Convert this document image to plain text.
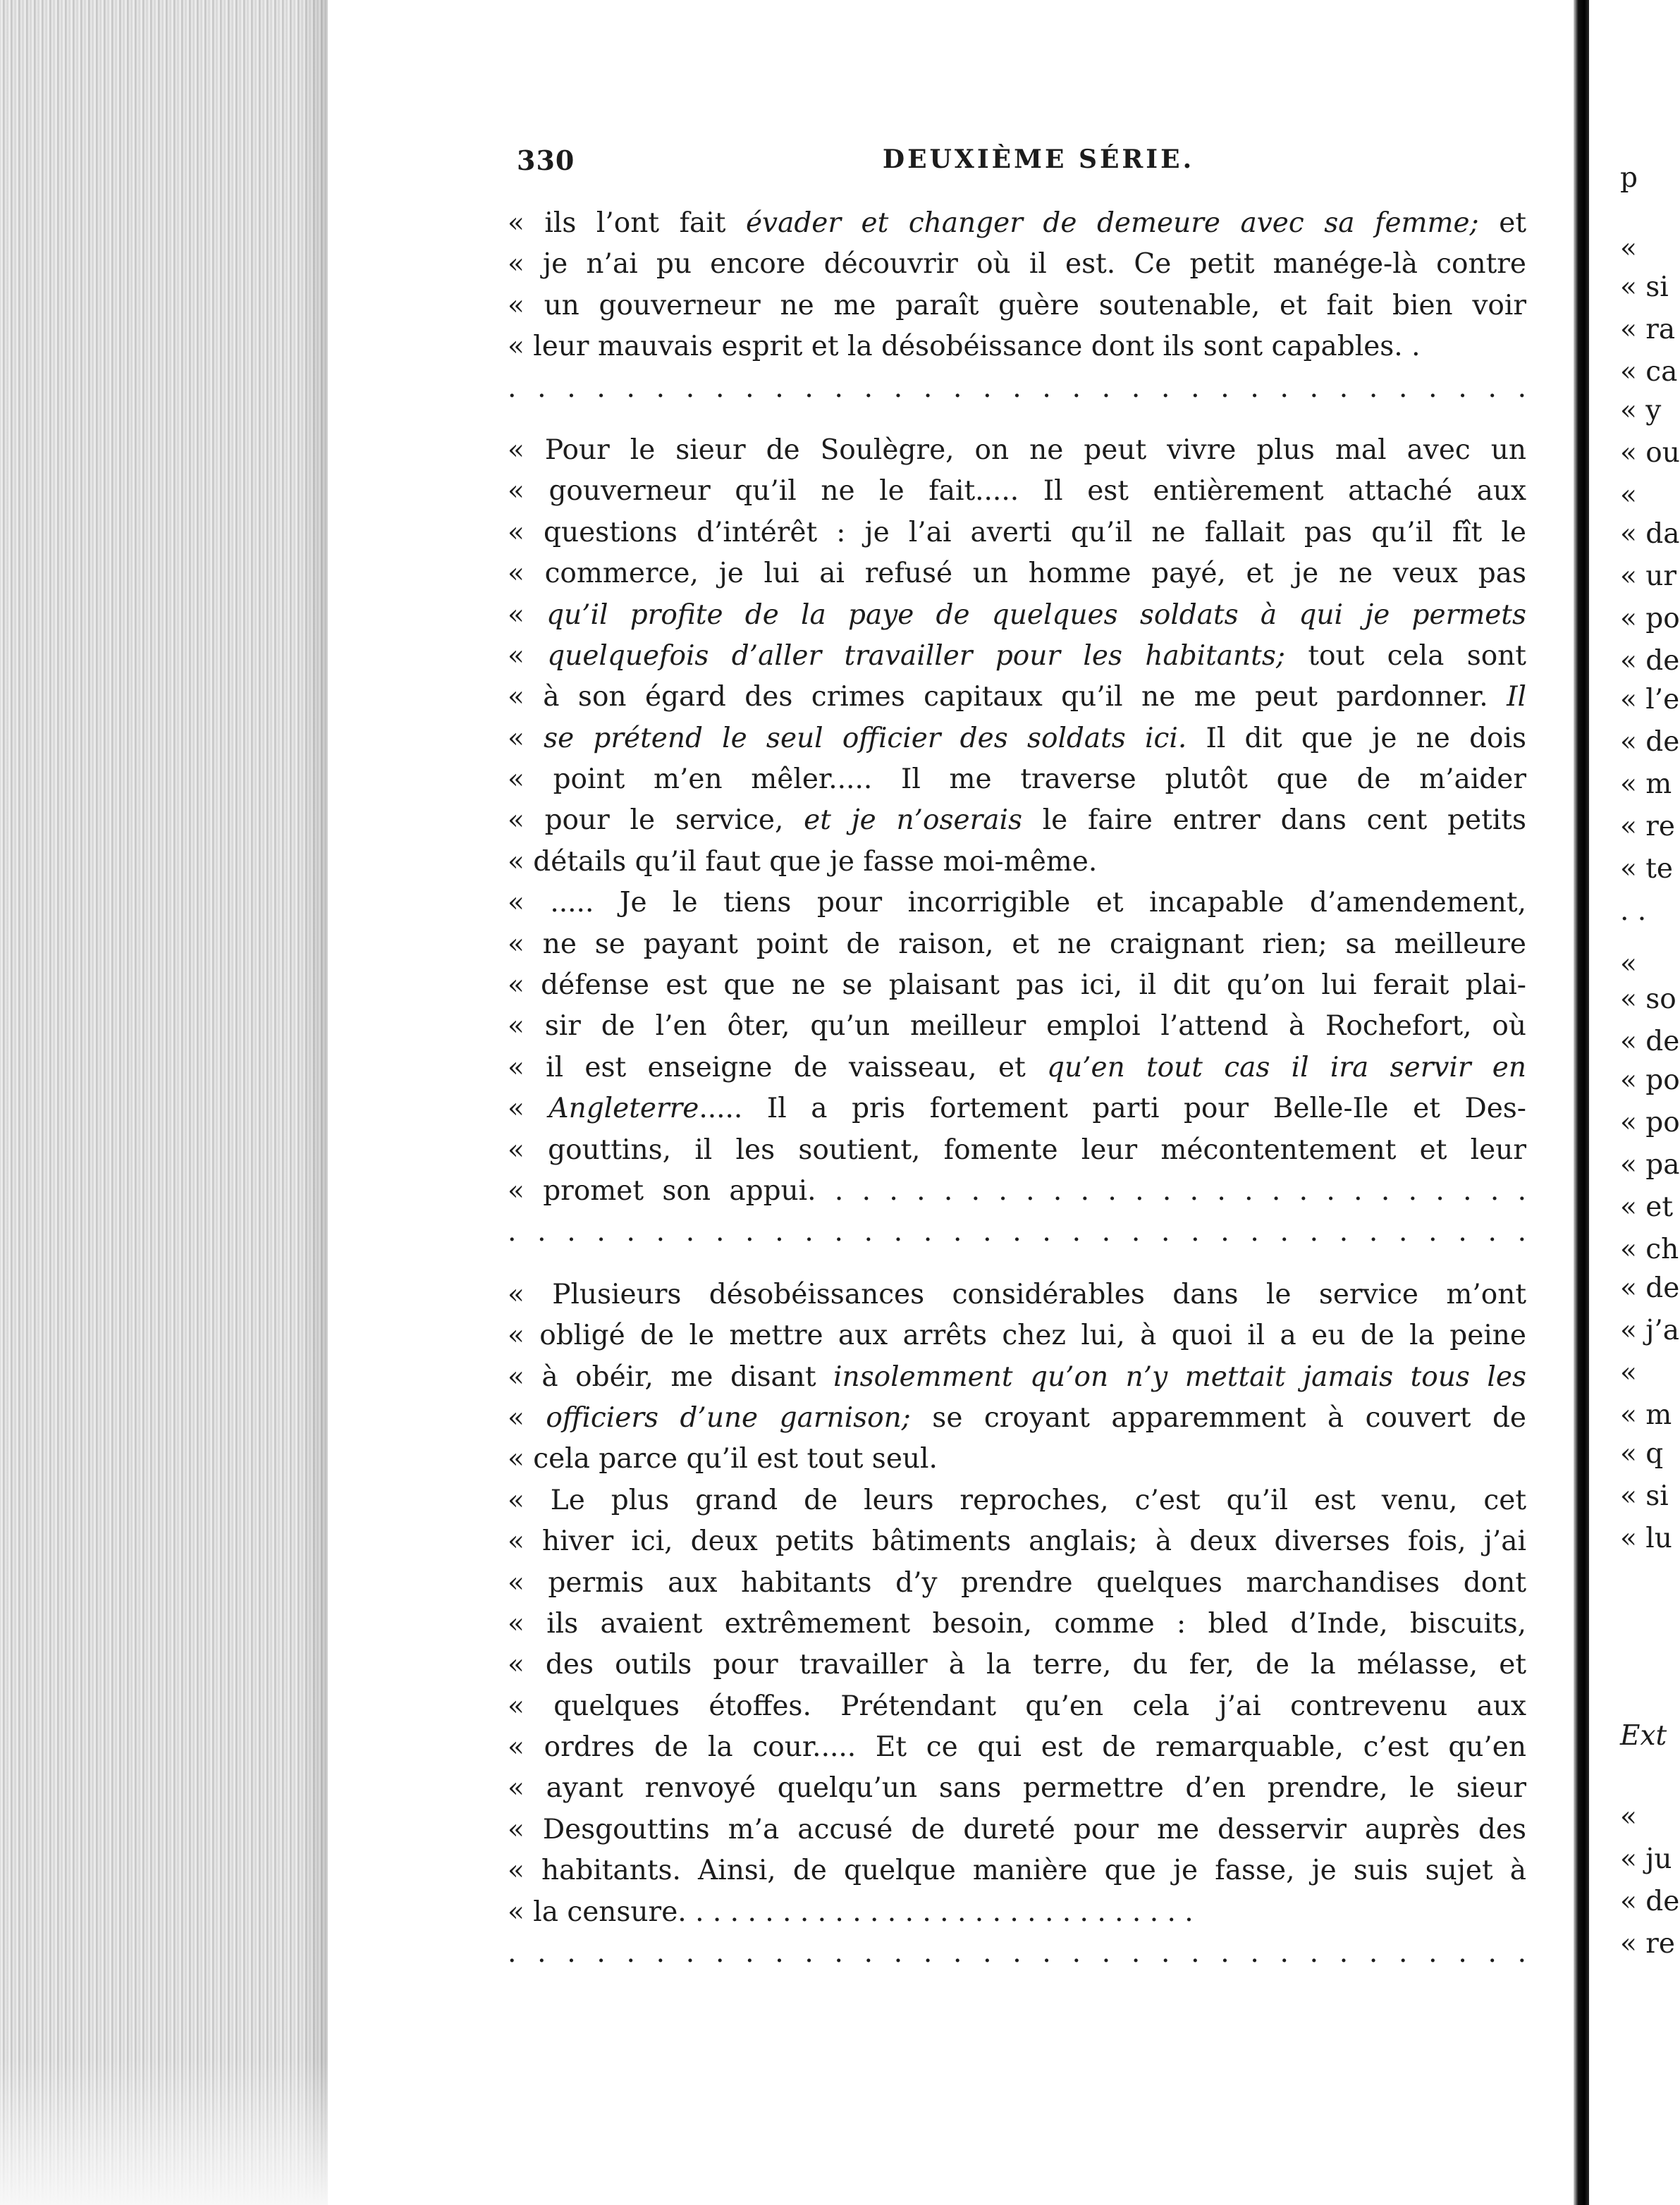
330	DEUXIÈME SÉRIE.
« ils l’ont fait évader et changer de demeure avec sa femme; et
« je n’ai pu encore découvrir où il est. Ce petit manége-là contre
« un gouverneur ne me paraît guère soutenable, et fait bien voir
« leur mauvais esprit et la désobéissance dont ils sont capables. .
. . . . . . . . . . . . . . . . . . . . . . . . . . . . . . . . . . .
« Pour le sieur de Soulègre, on ne peut vivre plus mal avec un
« gouverneur qu’il ne le fait..... Il est entièrement attaché aux
« questions d’intérêt : je l’ai averti qu’il ne fallait pas qu’il fît le
« commerce, je lui ai refusé un homme payé, et je ne veux pas
« qu’il profite de la paye de quelques soldats à qui je permets
« quelquefois d’aller travailler pour les habitants; tout cela sont
« à son égard des crimes capitaux qu’il ne me peut pardonner. Il
« se prétend le seul officier des soldats ici. Il dit que je ne dois
« point m’en mêler..... Il me traverse plutôt que de m’aider
« pour le service, et je n’oserais le faire entrer dans cent petits
« détails qu’il faut que je fasse moi-même.
« ..... Je le tiens pour incorrigible et incapable d’amendement,
« ne se payant point de raison, et ne craignant rien; sa meilleure
« défense est que ne se plaisant pas ici, il dit qu’on lui ferait plai-
« sir de l’en ôter, qu’un meilleur emploi l’attend à Rochefort, où
« il est enseigne de vaisseau, et qu’en tout cas il ira servir en
« Angleterre..... Il a pris fortement parti pour Belle-Ile et Des-
« gouttins, il les soutient, fomente leur mécontentement et leur
« promet son appui. . . . . . . . . . . . . . . . . . . . . . . . . . .
. . . . . . . . . . . . . . . . . . . . . . . . . . . . . . . . . . .
« Plusieurs désobéissances considérables dans le service m’ont
« obligé de le mettre aux arrêts chez lui, à quoi il a eu de la peine
« à obéir, me disant insolemment qu’on n’y mettait jamais tous les
« officiers d’une garnison; se croyant apparemment à couvert de
« cela parce qu’il est tout seul.
« Le plus grand de leurs reproches, c’est qu’il est venu, cet
« hiver ici, deux petits bâtiments anglais; à deux diverses fois, j’ai
« permis aux habitants d’y prendre quelques marchandises dont
« ils avaient extrêmement besoin, comme : bled d’Inde, biscuits,
« des outils pour travailler à la terre, du fer, de la mélasse, et
« quelques étoffes. Prétendant qu’en cela j’ai contrevenu aux
« ordres de la cour..... Et ce qui est de remarquable, c’est qu’en
« ayant renvoyé quelqu’un sans permettre d’en prendre, le sieur
« Desgouttins m’a accusé de dureté pour me desservir auprès des
« habitants. Ainsi, de quelque manière que je fasse, je suis sujet à
« la censure. . . . . . . . . . . . . . . . . . . . . . . . . . . . . .
. . . . . . . . . . . . . . . . . . . . . . . . . . . . . . . . . . .
p
«
« si
« ra
« ca
« y
« ou
«
« da
« ur
« po
« de
« l’e
« de
« m
« re
« te
. .
«
« so
« de
« po
« po
« pa
« et
« ch
« de
« j’a
«
« m
« q
« si
« lu
Ext
«
« ju
« de
« re
